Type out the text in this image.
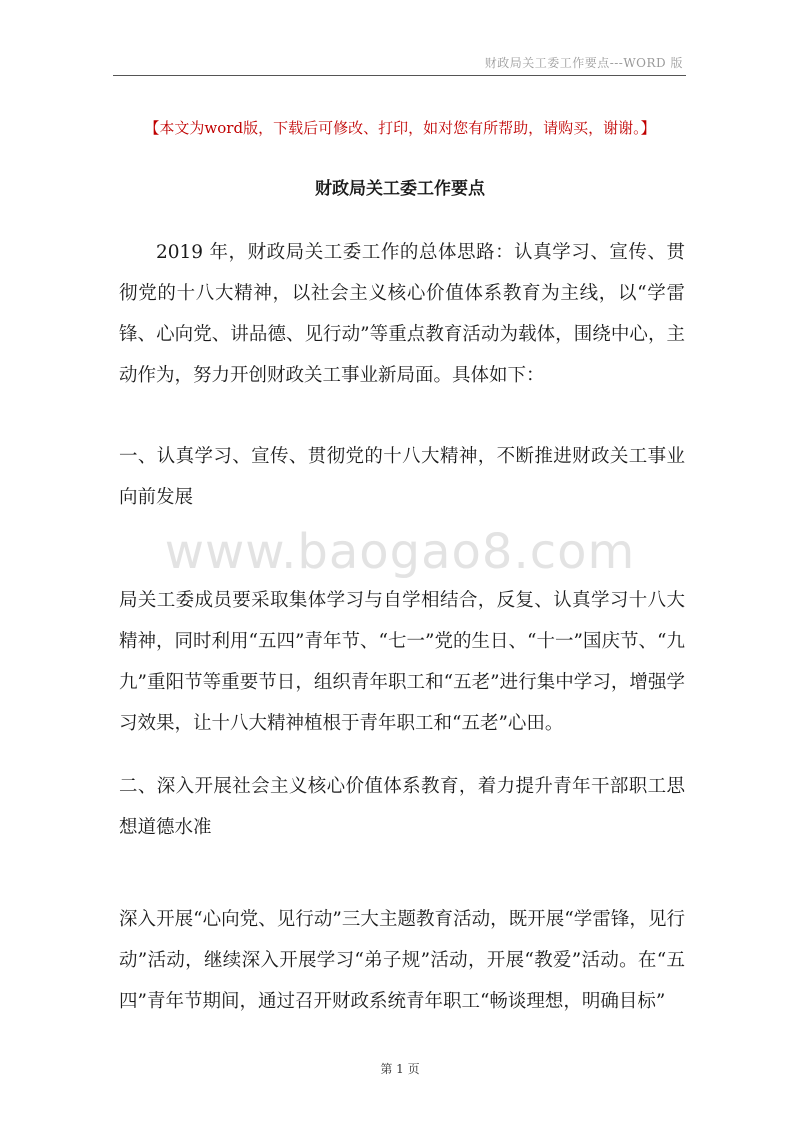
财政局关工委工作要点---WORD 版
【本文为word版，下载后可修改、打印，如对您有所帮助，请购买，谢谢。】
财政局关工委工作要点

2019 年，财政局关工委工作的总体思路：认真学习、宣传、贯彻党的十八大精神，以社会主义核心价值体系教育为主线，以“学雷锋、心向党、讲品德、见行动”等重点教育活动为载体，围绕中心，主动作为，努力开创财政关工事业新局面。具体如下：

一、认真学习、宣传、贯彻党的十八大精神，不断推进财政关工事业向前发展

www.baogao8.com

局关工委成员要采取集体学习与自学相结合，反复、认真学习十八大精神，同时利用“五四”青年节、“七一”党的生日、“十一”国庆节、“九九”重阳节等重要节日，组织青年职工和“五老”进行集中学习，增强学习效果，让十八大精神植根于青年职工和“五老”心田。

二、深入开展社会主义核心价值体系教育，着力提升青年干部职工思想道德水准

深入开展“心向党、见行动”三大主题教育活动，既开展“学雷锋，见行动”活动，继续深入开展学习“弟子规”活动，开展“教爱”活动。在“五四”青年节期间，通过召开财政系统青年职工“畅谈理想，明确目标”

第 1 页
